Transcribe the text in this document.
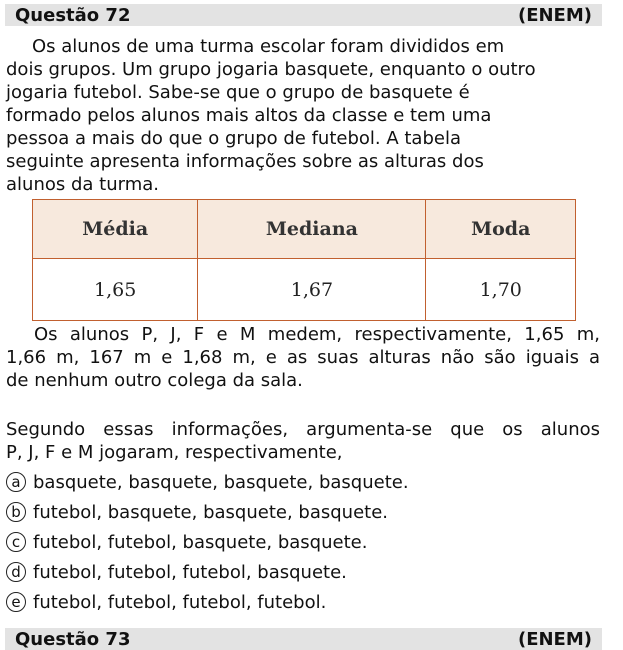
Questão 72	(ENEM)

Os alunos de uma turma escolar foram divididos em
dois grupos. Um grupo jogaria basquete, enquanto o outro
jogaria futebol. Sabe-se que o grupo de basquete é
formado pelos alunos mais altos da classe e tem uma
pessoa a mais do que o grupo de futebol. A tabela
seguinte apresenta informações sobre as alturas dos
alunos da turma.

Média	Mediana	Moda
1,65	1,67	1,70

Os alunos P, J, F e M medem, respectivamente, 1,65 m,
1,66 m, 167 m e 1,68 m, e as suas alturas não são iguais a
de nenhum outro colega da sala.

Segundo essas informações, argumenta-se que os alunos
P, J, F e M jogaram, respectivamente,

a basquete, basquete, basquete, basquete.
b futebol, basquete, basquete, basquete.
c futebol, futebol, basquete, basquete.
d futebol, futebol, futebol, basquete.
e futebol, futebol, futebol, futebol.
Questão 73	(ENEM)
